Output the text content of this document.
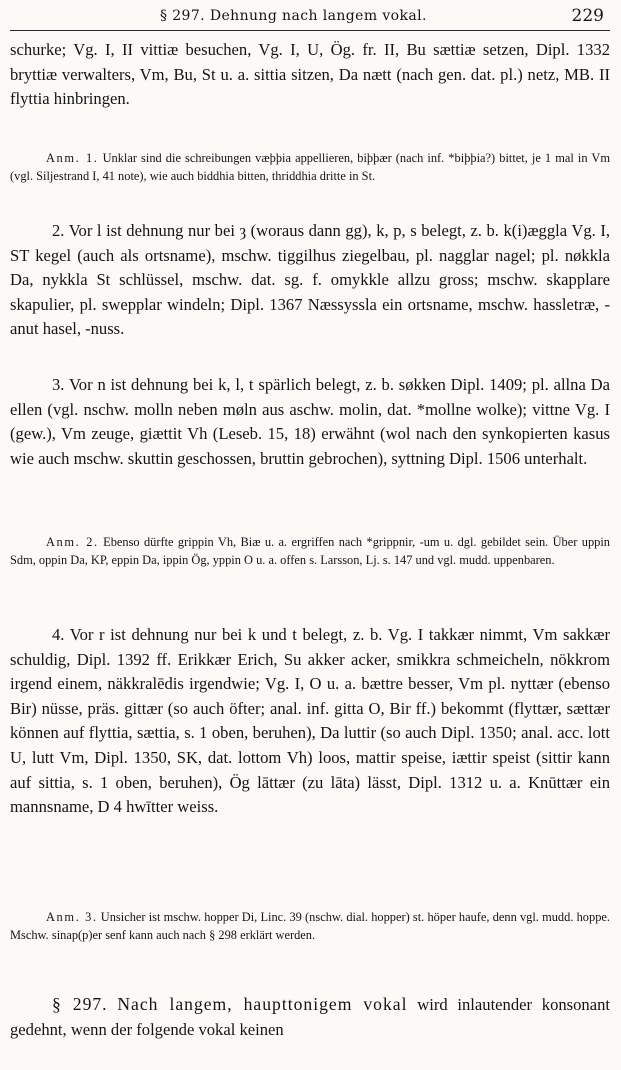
§ 297. Dehnung nach langem vokal.	229

schurke; Vg. I, II vittiæ besuchen, Vg. I, U, Ög. fr. II, Bu sættiæ setzen, Dipl. 1332 bryttiæ verwalters, Vm, Bu, St u. a. sittia sitzen, Da nætt (nach gen. dat. pl.) netz, MB. II flyttia hinbringen.

Anm. 1. Unklar sind die schreibungen væþþia appellieren, biþþær (nach inf. *biþþia?) bittet, je 1 mal in Vm (vgl. Siljestrand I, 41 note), wie auch biddhia bitten, thriddhia dritte in St.

2. Vor l ist dehnung nur bei ȝ (woraus dann gg), k, p, s belegt, z. b. k(i)æggla Vg. I, ST kegel (auch als ortsname), mschw. tiggilhus ziegelbau, pl. nagglar nagel; pl. nøkkla Da, nykkla St schlüssel, mschw. dat. sg. f. omykkle allzu gross; mschw. skapplare skapulier, pl. swepplar windeln; Dipl. 1367 Næssyssla ein ortsname, mschw. hassletræ, -anut hasel, -nuss.

3. Vor n ist dehnung bei k, l, t spärlich belegt, z. b. søkken Dipl. 1409; pl. allna Da ellen (vgl. nschw. molln neben møln aus aschw. molin, dat. *mollne wolke); vittne Vg. I (gew.), Vm zeuge, giættit Vh (Leseb. 15, 18) erwähnt (wol nach den synkopierten kasus wie auch mschw. skuttin geschossen, bruttin gebrochen), syttning Dipl. 1506 unterhalt.

Anm. 2. Ebenso dürfte grippin Vh, Biæ u. a. ergriffen nach *grippnir, -um u. dgl. gebildet sein. Über uppin Sdm, oppin Da, KP, eppin Da, ippin Ög, yppin O u. a. offen s. Larsson, Lj. s. 147 und vgl. mudd. uppenbaren.

4. Vor r ist dehnung nur bei k und t belegt, z. b. Vg. I takkær nimmt, Vm sakkær schuldig, Dipl. 1392 ff. Erikkær Erich, Su akker acker, smikkra schmeicheln, nökkrom irgend einem, näkkralēdis irgendwie; Vg. I, O u. a. bættre besser, Vm pl. nyttær (ebenso Bir) nüsse, präs. gittær (so auch öfter; anal. inf. gitta O, Bir ff.) bekommt (flyttær, sættær können auf flyttia, sættia, s. 1 oben, beruhen), Da luttir (so auch Dipl. 1350; anal. acc. lott U, lutt Vm, Dipl. 1350, SK, dat. lottom Vh) loos, mattir speise, iættir speist (sittir kann auf sittia, s. 1 oben, beruhen), Ög lāttær (zu lāta) lässt, Dipl. 1312 u. a. Knūttær ein mannsname, D 4 hwītter weiss.

Anm. 3. Unsicher ist mschw. hopper Di, Linc. 39 (nschw. dial. hopper) st. höper haufe, denn vgl. mudd. hoppe. Mschw. sinap(p)er senf kann auch nach § 298 erklärt werden.

§ 297. Nach langem, haupttonigem vokal wird inlautender konsonant gedehnt, wenn der folgende vokal keinen
